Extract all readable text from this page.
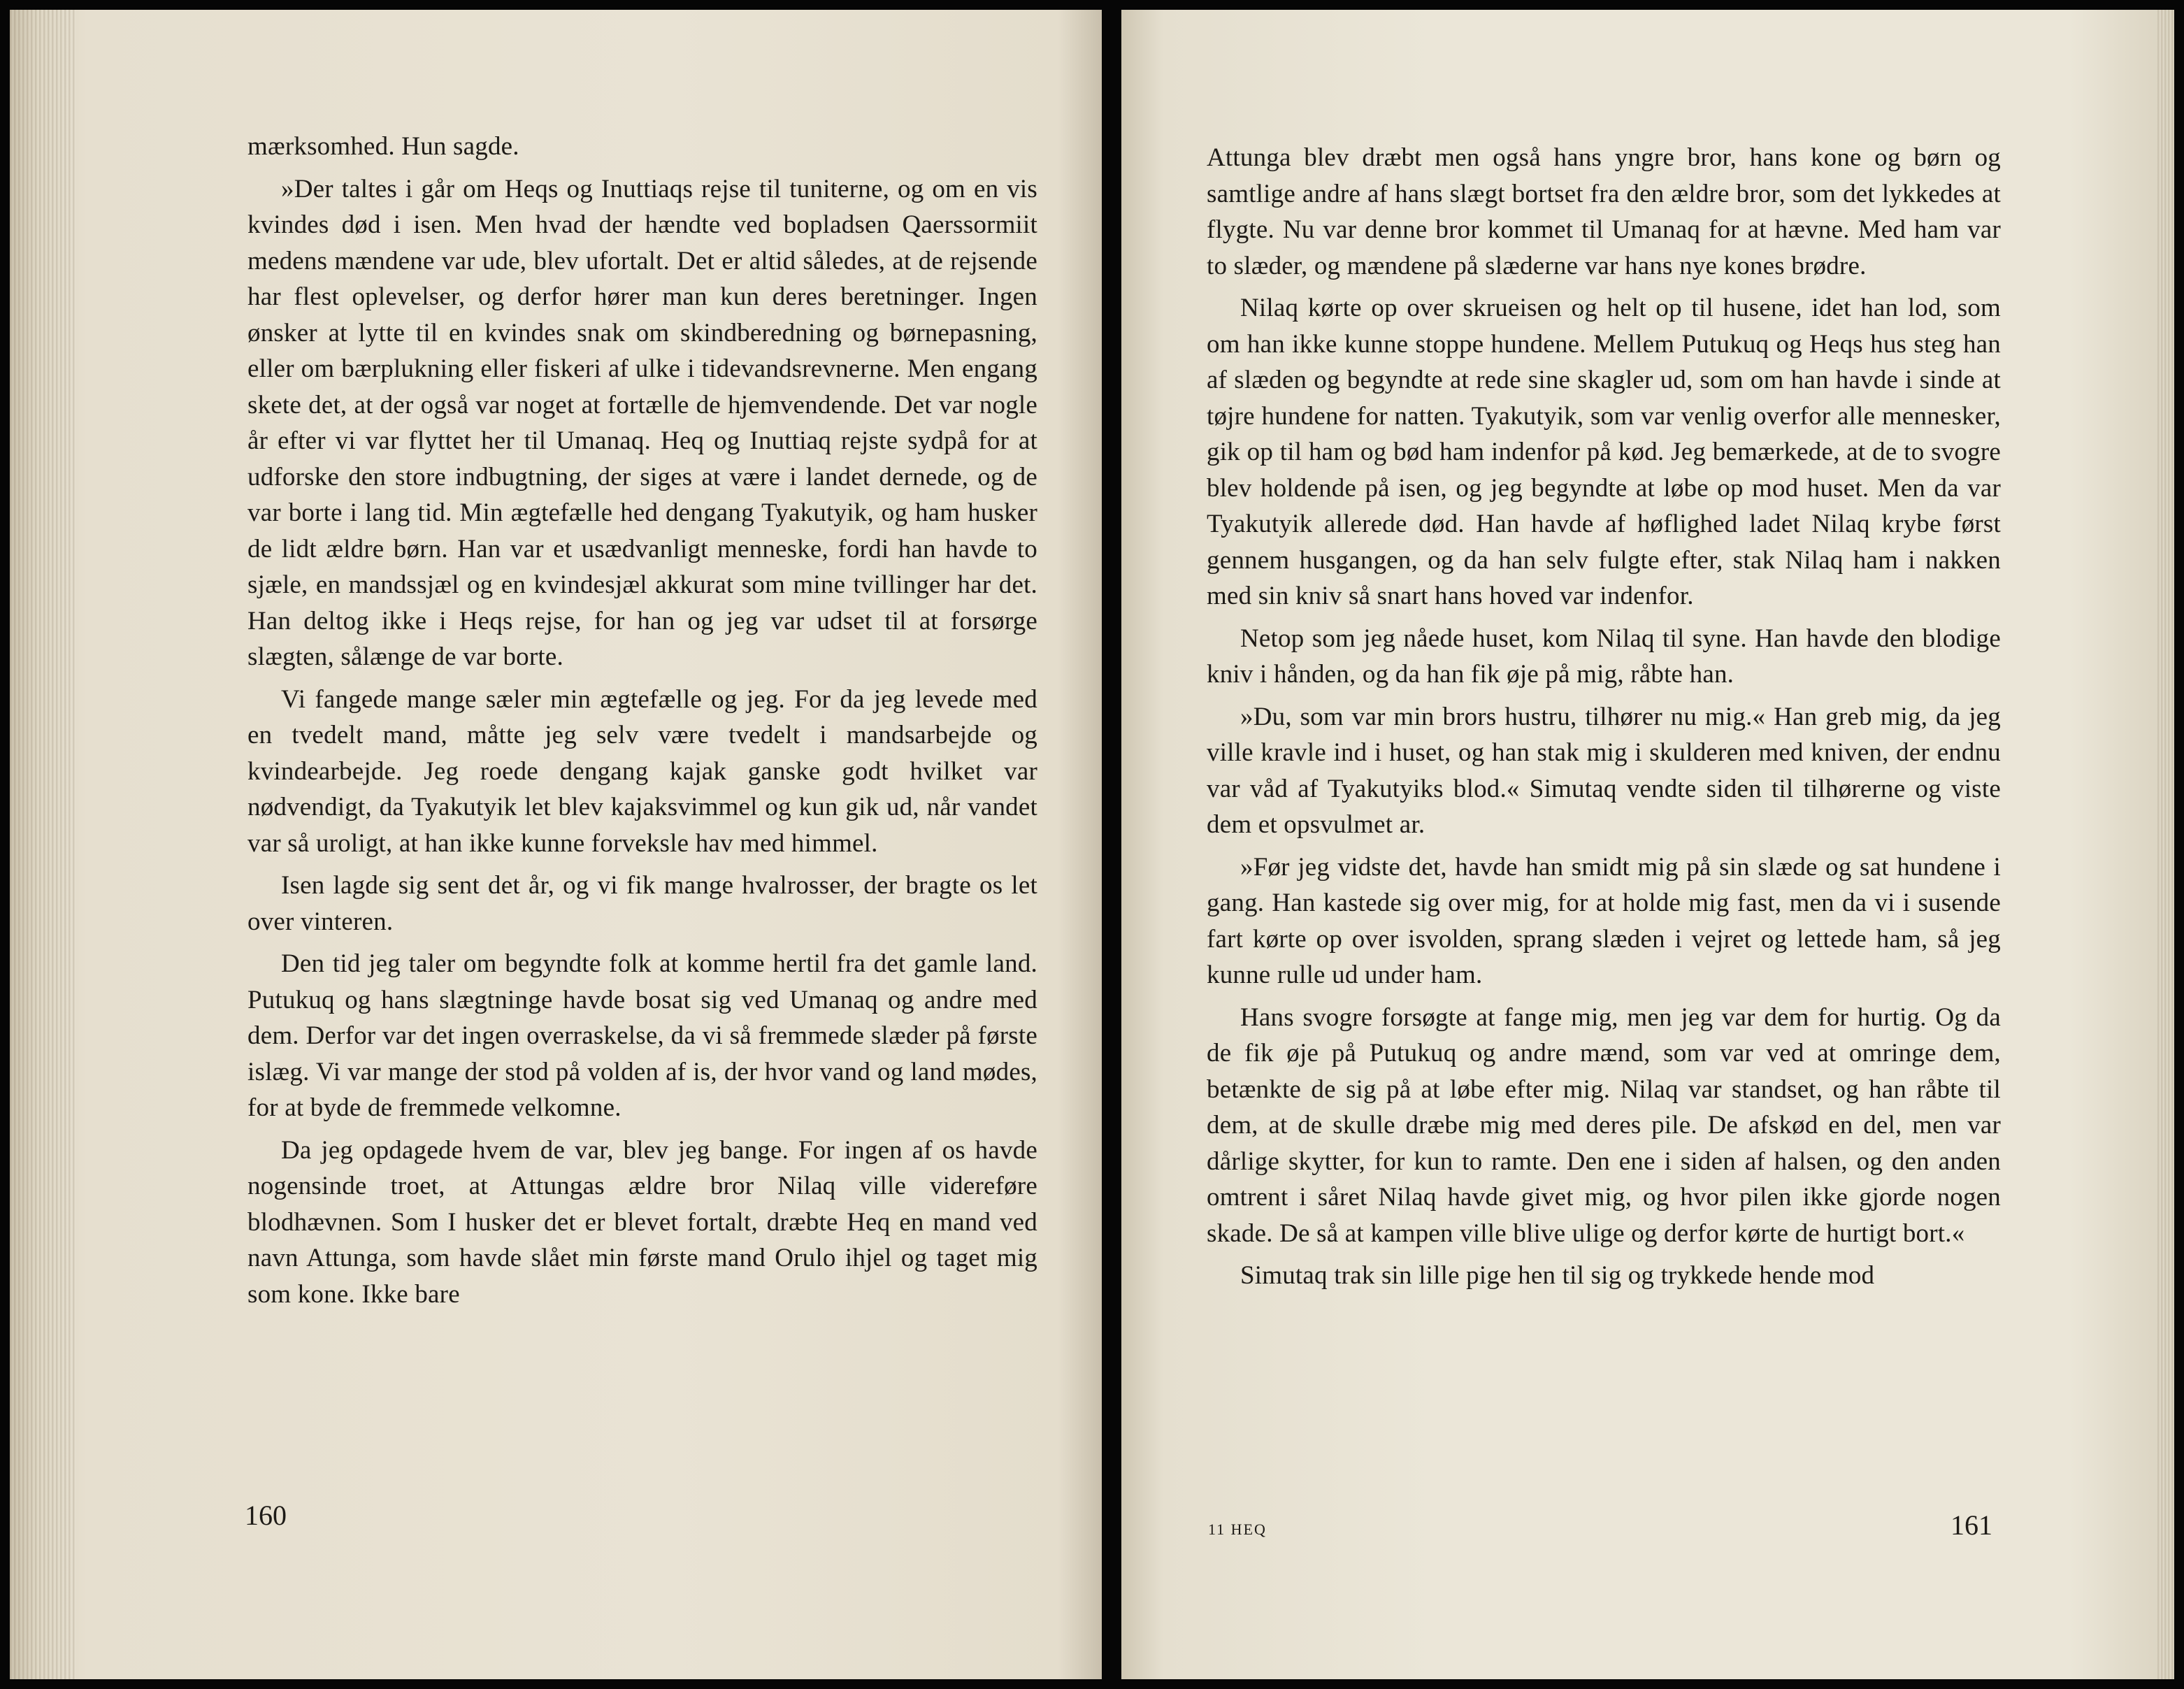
mærksomhed. Hun sagde.

»Der taltes i går om Heqs og Inuttiaqs rejse til tuniterne, og om en vis kvindes død i isen. Men hvad der hændte ved bopladsen Qaerssormiit medens mændene var ude, blev ufortalt. Det er altid således, at de rejsende har flest oplevelser, og derfor hører man kun deres beretninger. Ingen ønsker at lytte til en kvindes snak om skindberedning og børnepasning, eller om bærplukning eller fiskeri af ulke i tidevandsrevnerne. Men engang skete det, at der også var noget at fortælle de hjemvendende. Det var nogle år efter vi var flyttet her til Umanaq. Heq og Inuttiaq rejste sydpå for at udforske den store indbugtning, der siges at være i landet dernede, og de var borte i lang tid. Min ægtefælle hed dengang Tyakutyik, og ham husker de lidt ældre børn. Han var et usædvanligt menneske, fordi han havde to sjæle, en mandssjæl og en kvindesjæl akkurat som mine tvillinger har det. Han deltog ikke i Heqs rejse, for han og jeg var udset til at forsørge slægten, sålænge de var borte.

Vi fangede mange sæler min ægtefælle og jeg. For da jeg levede med en tvedelt mand, måtte jeg selv være tvedelt i mandsarbejde og kvindearbejde. Jeg roede dengang kajak ganske godt hvilket var nødvendigt, da Tyakutyik let blev kajaksvimmel og kun gik ud, når vandet var så uroligt, at han ikke kunne forveksle hav med himmel.

Isen lagde sig sent det år, og vi fik mange hvalrosser, der bragte os let over vinteren.

Den tid jeg taler om begyndte folk at komme hertil fra det gamle land. Putukuq og hans slægtninge havde bosat sig ved Umanaq og andre med dem. Derfor var det ingen overraskelse, da vi så fremmede slæder på første islæg. Vi var mange der stod på volden af is, der hvor vand og land mødes, for at byde de fremmede velkomne.

Da jeg opdagede hvem de var, blev jeg bange. For ingen af os havde nogensinde troet, at Attungas ældre bror Nilaq ville videreføre blodhævnen. Som I husker det er blevet fortalt, dræbte Heq en mand ved navn Attunga, som havde slået min første mand Orulo ihjel og taget mig som kone. Ikke bare

160

Attunga blev dræbt men også hans yngre bror, hans kone og børn og samtlige andre af hans slægt bortset fra den ældre bror, som det lykkedes at flygte. Nu var denne bror kommet til Umanaq for at hævne. Med ham var to slæder, og mændene på slæderne var hans nye kones brødre.

Nilaq kørte op over skrueisen og helt op til husene, idet han lod, som om han ikke kunne stoppe hundene. Mellem Putukuq og Heqs hus steg han af slæden og begyndte at rede sine skagler ud, som om han havde i sinde at tøjre hundene for natten. Tyakutyik, som var venlig overfor alle mennesker, gik op til ham og bød ham indenfor på kød. Jeg bemærkede, at de to svogre blev holdende på isen, og jeg begyndte at løbe op mod huset. Men da var Tyakutyik allerede død. Han havde af høflighed ladet Nilaq krybe først gennem husgangen, og da han selv fulgte efter, stak Nilaq ham i nakken med sin kniv så snart hans hoved var indenfor.

Netop som jeg nåede huset, kom Nilaq til syne. Han havde den blodige kniv i hånden, og da han fik øje på mig, råbte han.

»Du, som var min brors hustru, tilhører nu mig.« Han greb mig, da jeg ville kravle ind i huset, og han stak mig i skulderen med kniven, der endnu var våd af Tyakutyiks blod.« Simutaq vendte siden til tilhørerne og viste dem et opsvulmet ar.

»Før jeg vidste det, havde han smidt mig på sin slæde og sat hundene i gang. Han kastede sig over mig, for at holde mig fast, men da vi i susende fart kørte op over isvolden, sprang slæden i vejret og lettede ham, så jeg kunne rulle ud under ham.

Hans svogre forsøgte at fange mig, men jeg var dem for hurtig. Og da de fik øje på Putukuq og andre mænd, som var ved at omringe dem, betænkte de sig på at løbe efter mig. Nilaq var standset, og han råbte til dem, at de skulle dræbe mig med deres pile. De afskød en del, men var dårlige skytter, for kun to ramte. Den ene i siden af halsen, og den anden omtrent i såret Nilaq havde givet mig, og hvor pilen ikke gjorde nogen skade. De så at kampen ville blive ulige og derfor kørte de hurtigt bort.«

Simutaq trak sin lille pige hen til sig og trykkede hende mod

11 HEQ	161
